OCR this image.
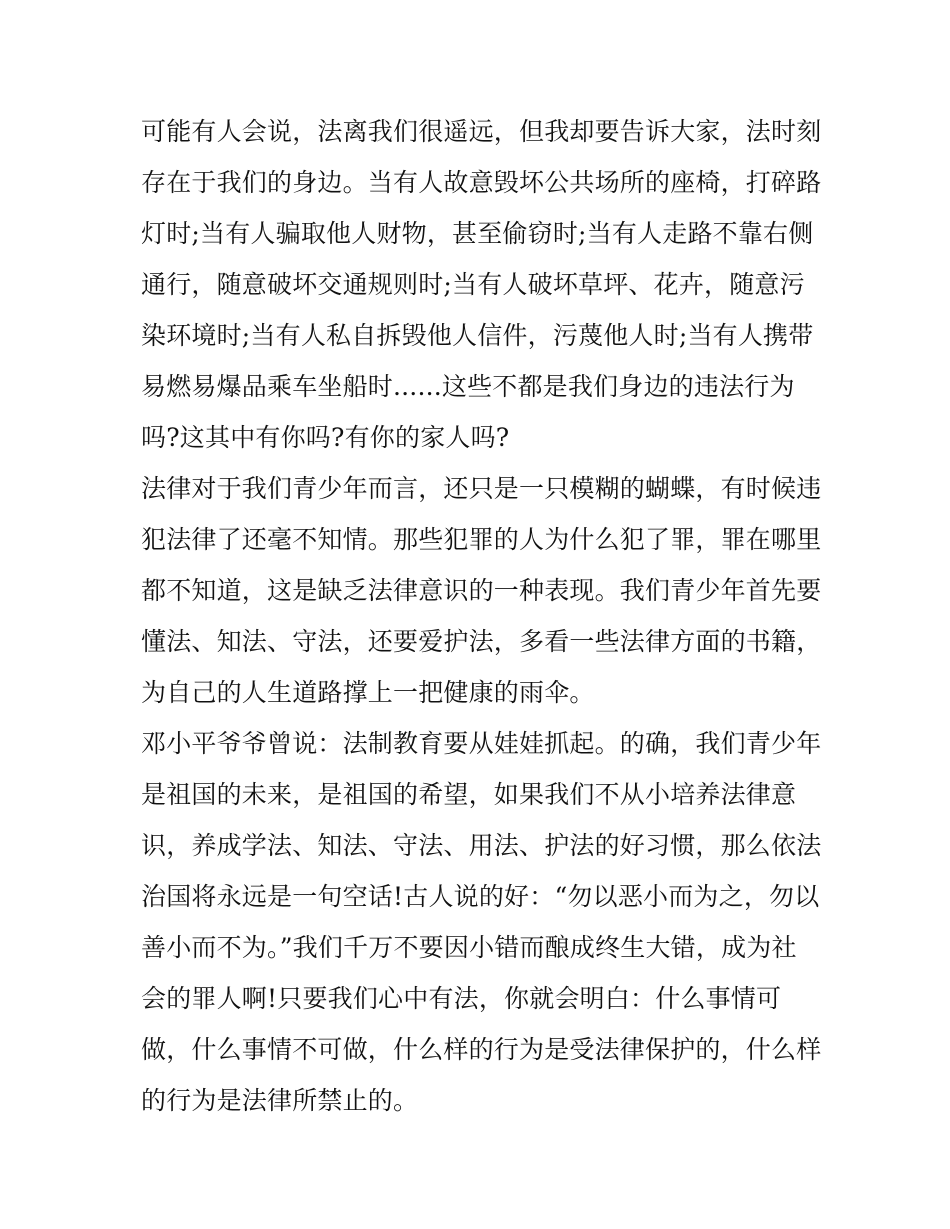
可能有人会说，法离我们很遥远，但我却要告诉大家，法时刻
存在于我们的身边。当有人故意毁坏公共场所的座椅，打碎路
灯时;当有人骗取他人财物，甚至偷窃时;当有人走路不靠右侧
通行，随意破坏交通规则时;当有人破坏草坪、花卉，随意污
染环境时;当有人私自拆毁他人信件，污蔑他人时;当有人携带
易燃易爆品乘车坐船时......这些不都是我们身边的违法行为
吗?这其中有你吗?有你的家人吗?
法律对于我们青少年而言，还只是一只模糊的蝴蝶，有时候违
犯法律了还毫不知情。那些犯罪的人为什么犯了罪，罪在哪里
都不知道，这是缺乏法律意识的一种表现。我们青少年首先要
懂法、知法、守法，还要爱护法，多看一些法律方面的书籍，
为自己的人生道路撑上一把健康的雨伞。
邓小平爷爷曾说：法制教育要从娃娃抓起。的确，我们青少年
是祖国的未来，是祖国的希望，如果我们不从小培养法律意
识，养成学法、知法、守法、用法、护法的好习惯，那么依法
治国将永远是一句空话!古人说的好：“勿以恶小而为之，勿以
善小而不为。”我们千万不要因小错而酿成终生大错，成为社
会的罪人啊!只要我们心中有法，你就会明白：什么事情可
做，什么事情不可做，什么样的行为是受法律保护的，什么样
的行为是法律所禁止的。
